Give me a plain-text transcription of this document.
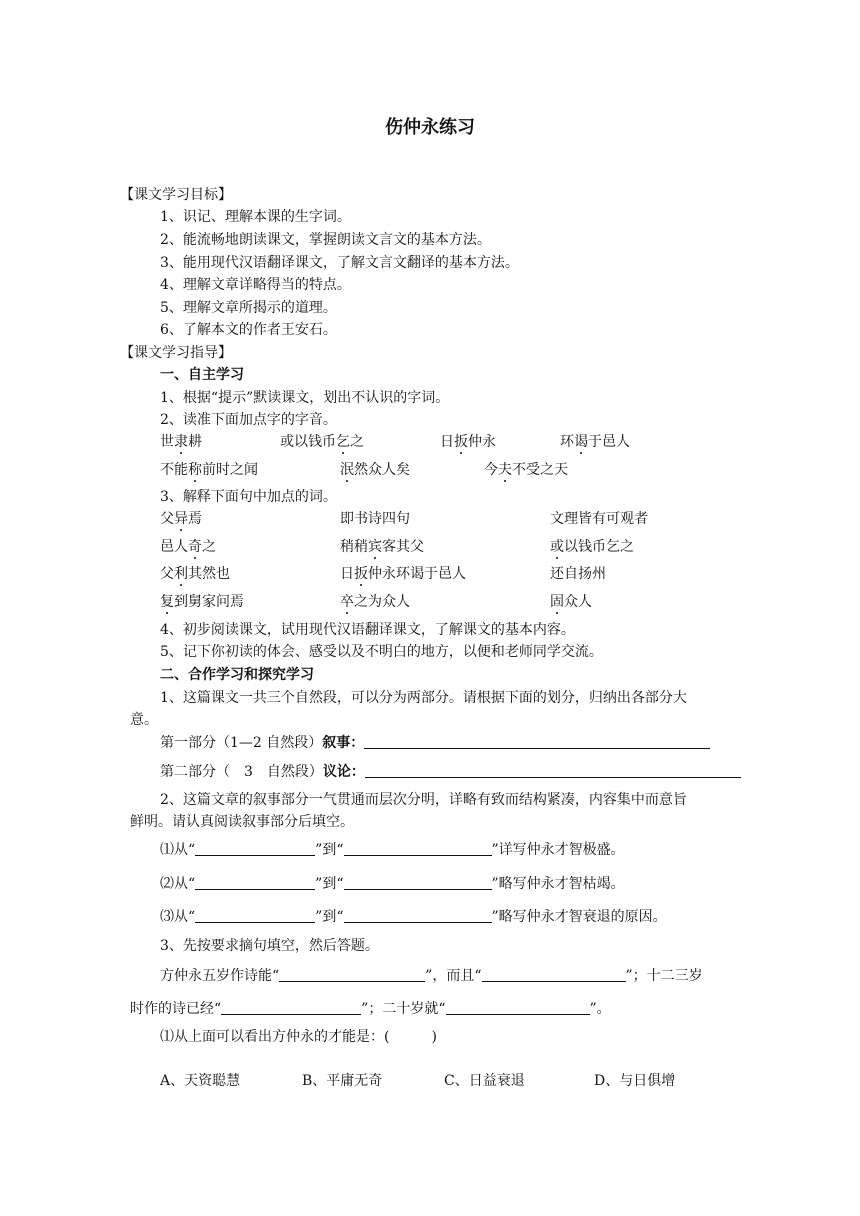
伤仲永练习
【课文学习目标】
1、识记、理解本课的生字词。
2、能流畅地朗读课文，掌握朗读文言文的基本方法。
3、能用现代汉语翻译课文，了解文言文翻译的基本方法。
4、理解文章详略得当的特点。
5、理解文章所揭示的道理。
6、了解本文的作者王安石。
【课文学习指导】
一、自主学习
1、根据“提示”默读课文，划出不认识的字词。
2、读准下面加点字的字音。
世隶耕	或以钱币乞之	日扳仲永	环谒于邑人
不能称前时之闻	泯然众人矣	今夫不受之天
3、解释下面句中加点的词。
父异焉	即书诗四句	文理皆有可观者
邑人奇之	稍稍宾客其父	或以钱币乞之
父利其然也	日扳仲永环谒于邑人	还自扬州
复到舅家问焉	卒之为众人	固众人
4、初步阅读课文，试用现代汉语翻译课文，了解课文的基本内容。
5、记下你初读的体会、感受以及不明白的地方，以便和老师同学交流。
二、合作学习和探究学习
1、这篇课文一共三个自然段，可以分为两部分。请根据下面的划分，归纳出各部分大
意。
第一部分（1—2 自然段）叙事：
第二部分（　3　自然段）议论：
2、这篇文章的叙事部分一气贯通而层次分明，详略有致而结构紧凑，内容集中而意旨
鲜明。请认真阅读叙事部分后填空。
⑴从“	”到“	”详写仲永才智极盛。
⑵从“	”到“	”略写仲永才智枯竭。
⑶从“	”到“	”略写仲永才智衰退的原因。
3、先按要求摘句填空，然后答题。
方仲永五岁作诗能“	”，而且“	”；十二三岁
时作的诗已经“	”；二十岁就“	”。
⑴从上面可以看出方仲永的才能是：(　　　)
A、天资聪慧	B、平庸无奇	C、日益衰退	D、与日俱增
